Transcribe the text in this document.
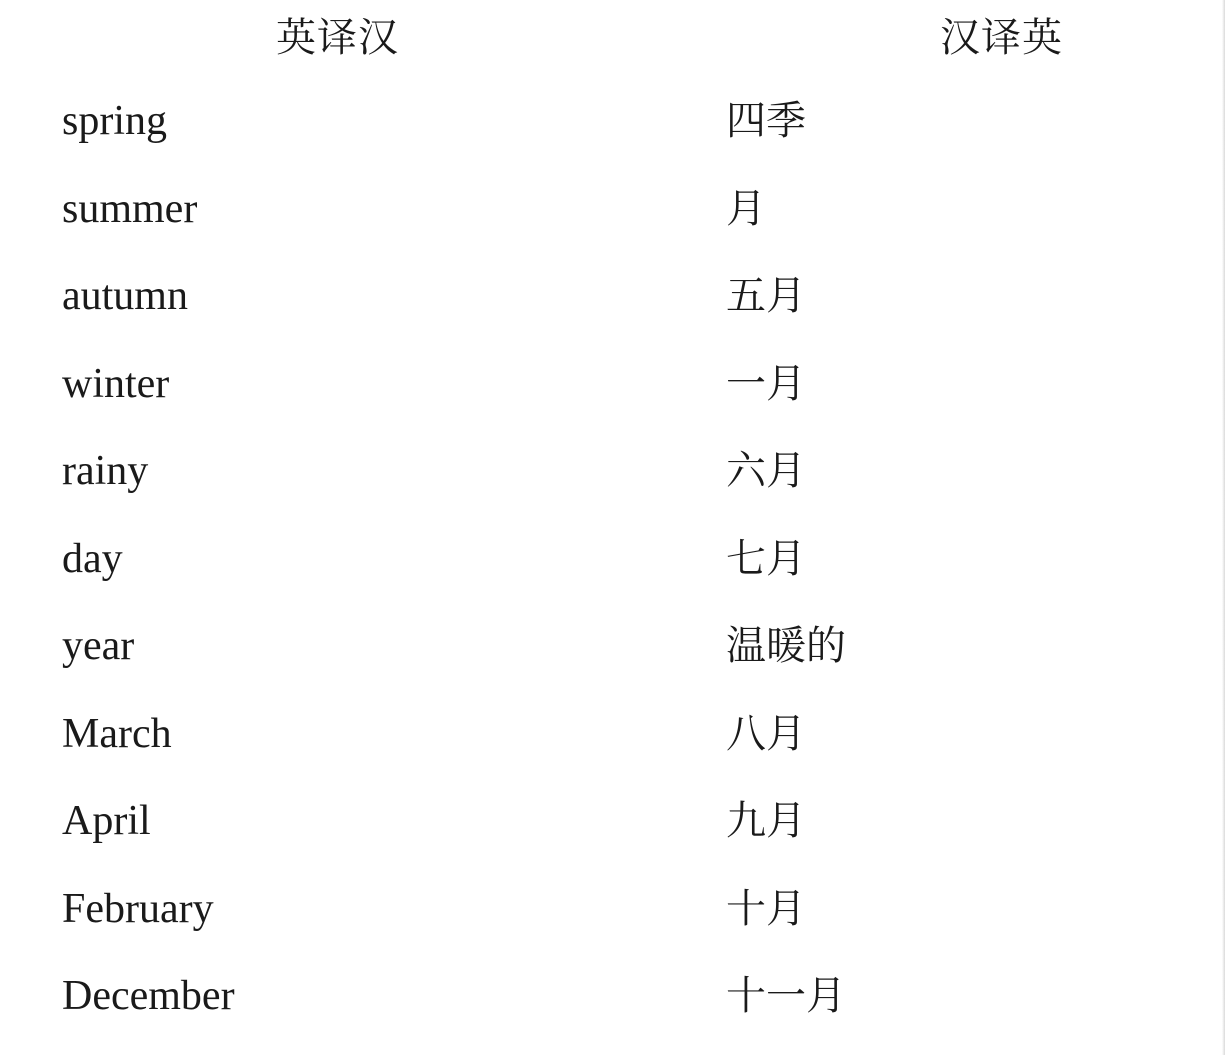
英译汉	汉译英
spring
summer
autumn
winter
rainy
day
year
March
April
February
December
四季
月
五月
一月
六月
七月
温暖的
八月
九月
十月
十一月
